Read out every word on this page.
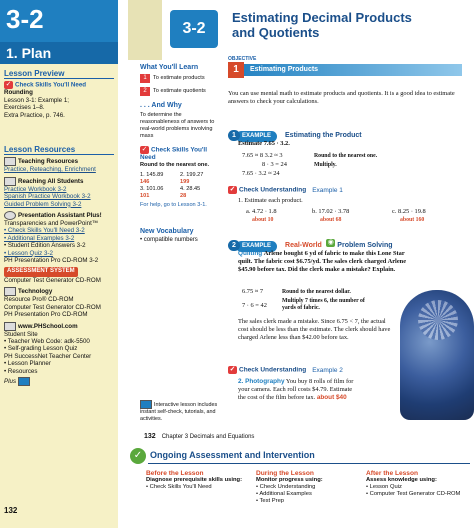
3-2
1. Plan
Lesson Preview
✓ Check Skills You'll Need
Rounding
Lesson 3-1: Example 1;
Exercises 1–8.
Extra Practice, p. 746.
Lesson Resources
Teaching Resources
Practice, Reteaching, Enrichment
Reaching All Students
Practice Workbook 3-2
Spanish Practice Workbook 3-2
Guided Problem Solving 3-2
Presentation Assistant Plus!
Transparencies and PowerPoint™
• Check Skills You'll Need 3-2
• Additional Examples 3-2
• Student Edition Answers 3-2
• Lesson Quiz 3-2
PH Presentation Pro CD-ROM 3-2
ASSESSMENT SYSTEM
Computer Test Generator CD-ROM
Technology
Resource Pro® CD-ROM
Computer Test Generator CD-ROM
PH Presentation Pro CD-ROM
www.PHSchool.com
Student Site
• Teacher Web Code: adk-5500
• Self-grading Lesson Quiz
PH SuccessNet Teacher Center
• Lesson Planner
• Resources
Plus
132
3-2
Estimating Decimal Products
and Quotients
What You'll Learn
1 To estimate products
2 To estimate quotients
. . . And Why
To determine the reasonableness of answers to real-world problems involving mass
✓ Check Skills You'll Need
Round to the nearest one.
1. 145.89	2. 199.27
146	199
3. 101.06	4. 28.45
101	28
For help, go to Lesson 3-1.
New Vocabulary
• compatible numbers
OBJECTIVE
Estimating Products
1
You can use mental math to estimate products and quotients. It is a good idea to estimate answers to check your calculations.
1 EXAMPLE Estimating the Product
Estimate 7.65 · 3.2.
7.65 ≈ 8 3.2 ≈ 3
8 · 3 = 24
7.65 · 3.2 ≈ 24
Round to the nearest one.
Multiply.
✓ Check Understanding Example 1
1. Estimate each product.
a. 4.72 · 1.8	b. 17.02 · 3.78	c. 8.25 · 19.8
about 10	about 68	about 160
2 EXAMPLE Real-World ◉ Problem Solving
Quilting Arlene bought 6 yd of fabric to make this Lone Star quilt. The fabric cost $6.75/yd. The sales clerk charged Arlene $45.90 before tax. Did the clerk make a mistake? Explain.
6.75 ≈ 7	Round to the nearest dollar.
7 · 6 = 42
Multiply 7 times 6, the number of yards of fabric.
The sales clerk made a mistake. Since 6.75 < 7, the actual cost should be less than the estimate. The clerk should have charged Arlene less than $42.00 before tax.
✓ Check Understanding Example 2
2. Photography You buy 8 rolls of film for your camera. Each roll costs $4.79. Estimate the cost of the film before tax. about $40
Interactive lesson includes instant self-check, tutorials, and activities.
132 Chapter 3 Decimals and Equations
✓ Ongoing Assessment and Intervention
Before the Lesson
Diagnose prerequisite skills using:
• Check Skills You'll Need
During the Lesson
Monitor progress using:
• Check Understanding
• Additional Examples
• Test Prep
After the Lesson
Assess knowledge using:
• Lesson Quiz
• Computer Test Generator CD-ROM
